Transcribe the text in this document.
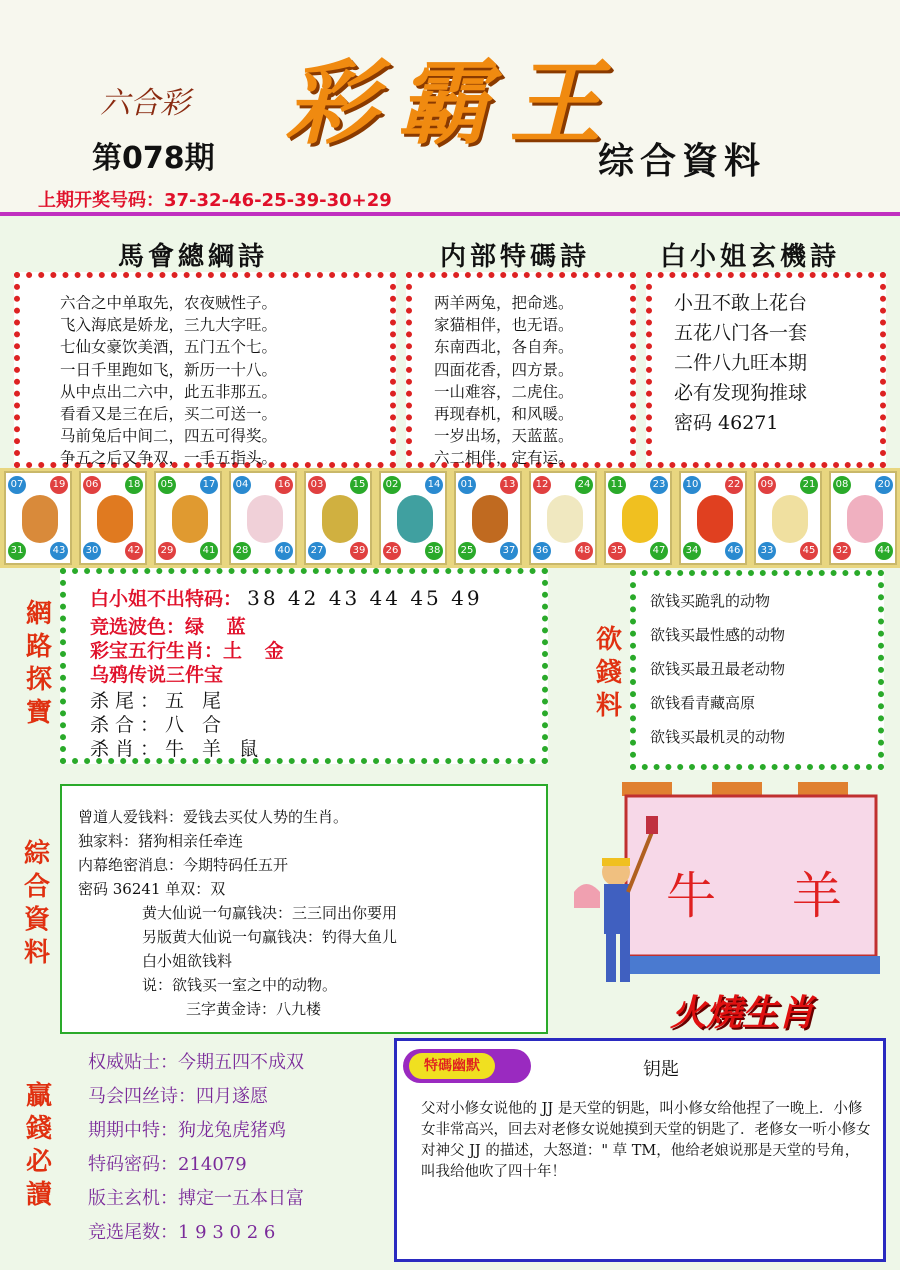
六合彩
第078期
彩霸王
综合資料
上期开奖号码：37-32-46-25-39-30+29
馬會總綱詩	内部特碼詩	白小姐玄機詩
六合之中单取先，农夜贼性子。
飞入海底是娇龙，三九大字旺。
七仙女豪饮美酒，五门五个七。
一日千里跑如飞，新历一十八。
从中点出二六中，此五非那五。
看看又是三在后，买二可送一。
马前兔后中间二，四五可得奖。
争五之后又争双，一手五指头。
两羊两兔，把命逃。
家猫相伴，也无语。
东南西北，各自奔。
四面花香，四方景。
一山难容，二虎住。
再现春机，和风暖。
一岁出场，天蓝蓝。
六二相伴，定有运。
小丑不敢上花台
五花八门各一套
二件八九旺本期
必有发现狗推球
密码 46271
07	19
31	43
06	18
30	42
05	17
29	41
04	16
28	40
03	15
27	39
02	14
26	38
01	13
25	37
12	24
36	48
11	23
35	47
10	22
34	46
09	21
33	45
08	20
32	44
網
路
探
寶
白小姐不出特码： 38 42 43 44 45 49
竞选波色：绿 蓝
彩宝五行生肖：土 金
乌鸦传说三件宝
杀尾：五 尾
杀合：八 合
杀肖：牛 羊 鼠
欲
錢
料
欲钱买跪乳的动物
欲钱买最性感的动物
欲钱买最丑最老动物
欲钱看青藏高原
欲钱买最机灵的动物
綜
合
資
料
曾道人爱钱料：爱钱去买仗人势的生肖。
独家料：猪狗相亲任牵连
内幕绝密消息：今期特码任五开
密码 36241 单双：双
黄大仙说一句赢钱决：三三同出你要用
另版黄大仙说一句赢钱决：钓得大鱼儿
白小姐欲钱料
说：欲钱买一室之中的动物。
三字黄金诗：八九楼
牛 羊
火燒生肖
贏
錢
必
讀
权威贴士：今期五四不成双
马会四丝诗：四月遂愿
期期中特：狗龙兔虎猪鸡
特码密码：214079
版主玄机：搏定一五本日富
竞选尾数：1 9 3 0 2 6
特碼幽默	钥匙
父对小修女说他的 JJ 是天堂的钥匙，叫小修女给他捏了一晚上．小修女非常高兴，回去对老修女说她摸到天堂的钥匙了．老修女一听小修女对神父 JJ 的描述，大怒道：" 草 TM，他给老娘说那是天堂的号角，叫我给他吹了四十年！
